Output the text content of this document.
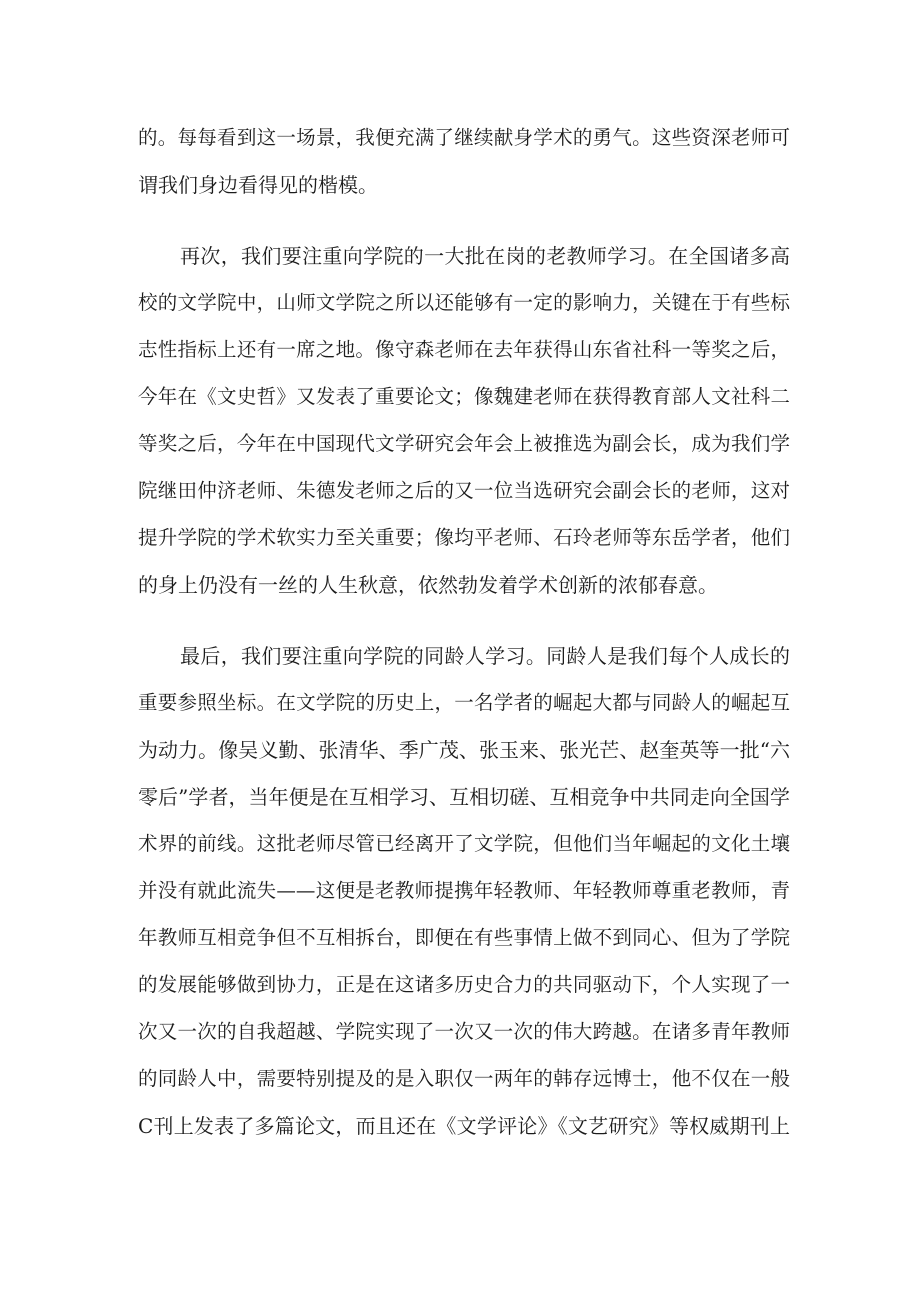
的。每每看到这一场景，我便充满了继续献身学术的勇气。这些资深老师可
谓我们身边看得见的楷模。
再次，我们要注重向学院的一大批在岗的老教师学习。在全国诸多高
校的文学院中，山师文学院之所以还能够有一定的影响力，关键在于有些标
志性指标上还有一席之地。像守森老师在去年获得山东省社科一等奖之后，
今年在《文史哲》又发表了重要论文；像魏建老师在获得教育部人文社科二
等奖之后，今年在中国现代文学研究会年会上被推选为副会长，成为我们学
院继田仲济老师、朱德发老师之后的又一位当选研究会副会长的老师，这对
提升学院的学术软实力至关重要；像均平老师、石玲老师等东岳学者，他们
的身上仍没有一丝的人生秋意，依然勃发着学术创新的浓郁春意。
最后，我们要注重向学院的同龄人学习。同龄人是我们每个人成长的
重要参照坐标。在文学院的历史上，一名学者的崛起大都与同龄人的崛起互
为动力。像吴义勤、张清华、季广茂、张玉来、张光芒、赵奎英等一批“六
零后”学者，当年便是在互相学习、互相切磋、互相竞争中共同走向全国学
术界的前线。这批老师尽管已经离开了文学院，但他们当年崛起的文化土壤
并没有就此流失——这便是老教师提携年轻教师、年轻教师尊重老教师，青
年教师互相竞争但不互相拆台，即便在有些事情上做不到同心、但为了学院
的发展能够做到协力，正是在这诸多历史合力的共同驱动下，个人实现了一
次又一次的自我超越、学院实现了一次又一次的伟大跨越。在诸多青年教师
的同龄人中，需要特别提及的是入职仅一两年的韩存远博士，他不仅在一般
C刊上发表了多篇论文，而且还在《文学评论》《文艺研究》等权威期刊上
